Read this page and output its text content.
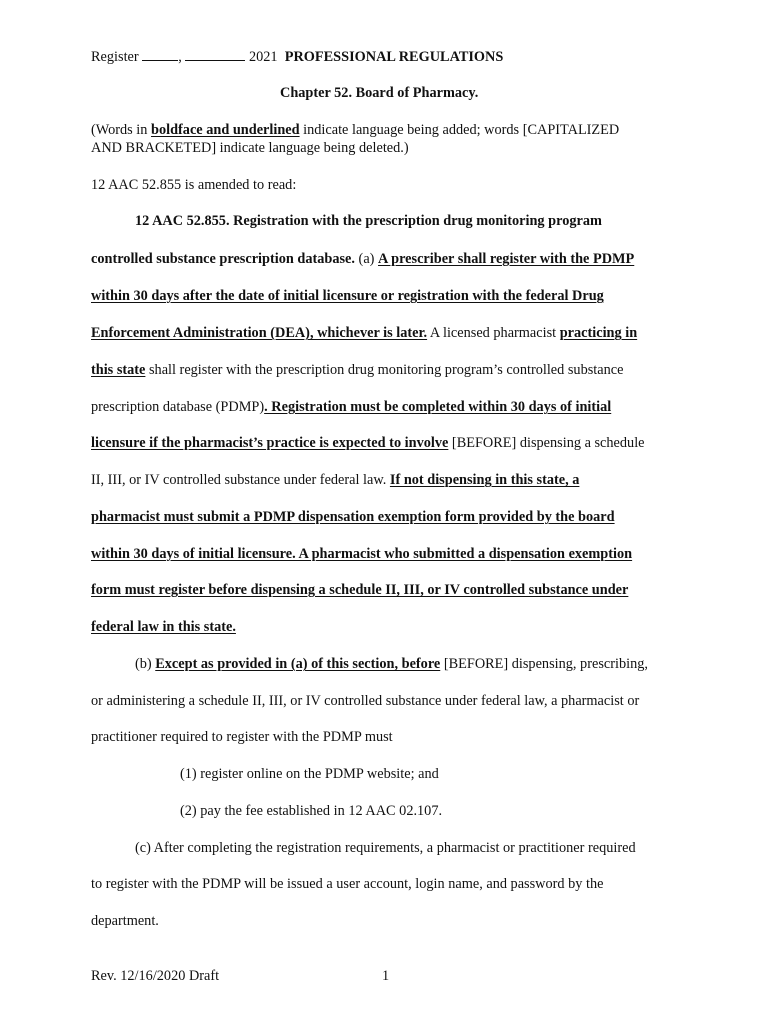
Register	,	2021 PROFESSIONAL REGULATIONS
Chapter 52. Board of Pharmacy.
(Words in boldface and underlined indicate language being added; words [CAPITALIZED
AND BRACKETED] indicate language being deleted.)
12 AAC 52.855 is amended to read:
12 AAC 52.855. Registration with the prescription drug monitoring program
controlled substance prescription database. (a) A prescriber shall register with the PDMP
within 30 days after the date of initial licensure or registration with the federal Drug
Enforcement Administration (DEA), whichever is later. A licensed pharmacist practicing in
this state shall register with the prescription drug monitoring program’s controlled substance
prescription database (PDMP). Registration must be completed within 30 days of initial
licensure if the pharmacist’s practice is expected to involve [BEFORE] dispensing a schedule
II, III, or IV controlled substance under federal law. If not dispensing in this state, a
pharmacist must submit a PDMP dispensation exemption form provided by the board
within 30 days of initial licensure. A pharmacist who submitted a dispensation exemption
form must register before dispensing a schedule II, III, or IV controlled substance under
federal law in this state.
(b) Except as provided in (a) of this section, before [BEFORE] dispensing, prescribing,
or administering a schedule II, III, or IV controlled substance under federal law, a pharmacist or
practitioner required to register with the PDMP must
(1) register online on the PDMP website; and
(2) pay the fee established in 12 AAC 02.107.
(c) After completing the registration requirements, a pharmacist or practitioner required
to register with the PDMP will be issued a user account, login name, and password by the
department.
Rev. 12/16/2020 Draft	1
